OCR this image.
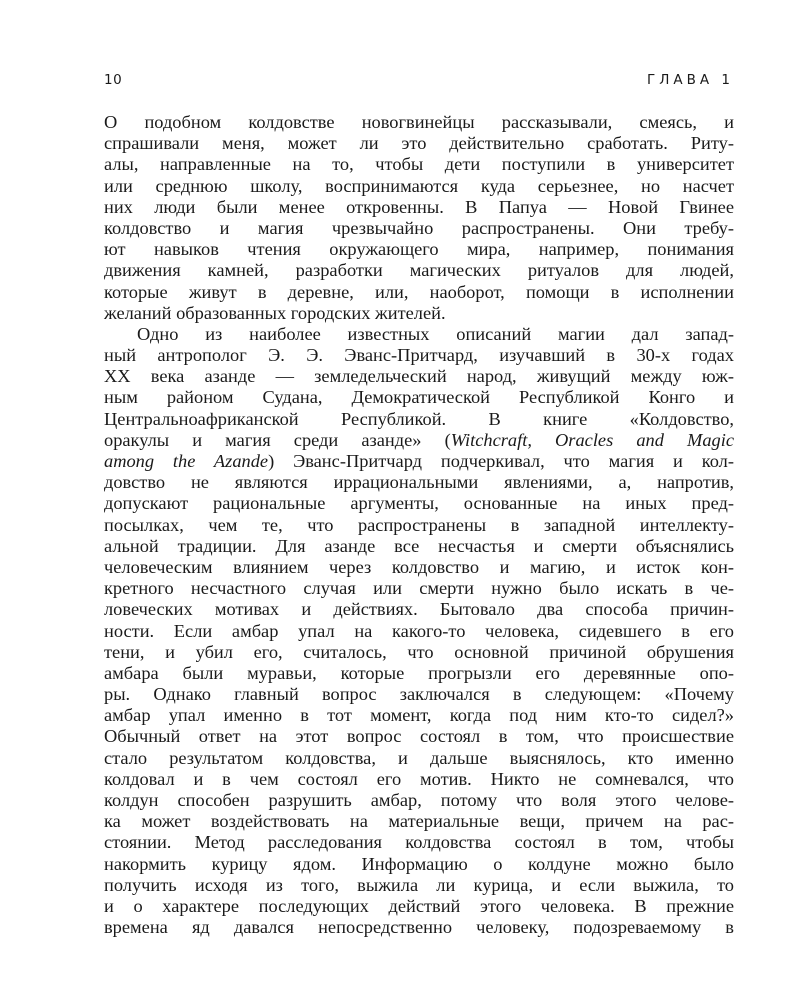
10	ГЛАВА 1
О подобном колдовстве новогвинейцы рассказывали, смеясь, и
спрашивали меня, может ли это действительно сработать. Риту-
алы, направленные на то, чтобы дети поступили в университет
или среднюю школу, воспринимаются куда серьезнее, но насчет
них люди были менее откровенны. В Папуа — Новой Гвинее
колдовство и магия чрезвычайно распространены. Они требу-
ют навыков чтения окружающего мира, например, понимания
движения камней, разработки магических ритуалов для людей,
которые живут в деревне, или, наоборот, помощи в исполнении
желаний образованных городских жителей.
Одно из наиболее известных описаний магии дал запад-
ный антрополог Э. Э. Эванс-Притчард, изучавший в 30-х годах
XX века азанде — земледельческий народ, живущий между юж-
ным районом Судана, Демократической Республикой Конго и
Центральноафриканской Республикой. В книге «Колдовство,
оракулы и магия среди азанде» (Witchcraft, Oracles and Magic
among the Azande) Эванс-Притчард подчеркивал, что магия и кол-
довство не являются иррациональными явлениями, а, напротив,
допускают рациональные аргументы, основанные на иных пред-
посылках, чем те, что распространены в западной интеллекту-
альной традиции. Для азанде все несчастья и смерти объяснялись
человеческим влиянием через колдовство и магию, и исток кон-
кретного несчастного случая или смерти нужно было искать в че-
ловеческих мотивах и действиях. Бытовало два способа причин-
ности. Если амбар упал на какого-то человека, сидевшего в его
тени, и убил его, считалось, что основной причиной обрушения
амбара были муравьи, которые прогрызли его деревянные опо-
ры. Однако главный вопрос заключался в следующем: «Почему
амбар упал именно в тот момент, когда под ним кто-то сидел?»
Обычный ответ на этот вопрос состоял в том, что происшествие
стало результатом колдовства, и дальше выяснялось, кто именно
колдовал и в чем состоял его мотив. Никто не сомневался, что
колдун способен разрушить амбар, потому что воля этого челове-
ка может воздействовать на материальные вещи, причем на рас-
стоянии. Метод расследования колдовства состоял в том, чтобы
накормить курицу ядом. Информацию о колдуне можно было
получить исходя из того, выжила ли курица, и если выжила, то
и о характере последующих действий этого человека. В прежние
времена яд давался непосредственно человеку, подозреваемому в
